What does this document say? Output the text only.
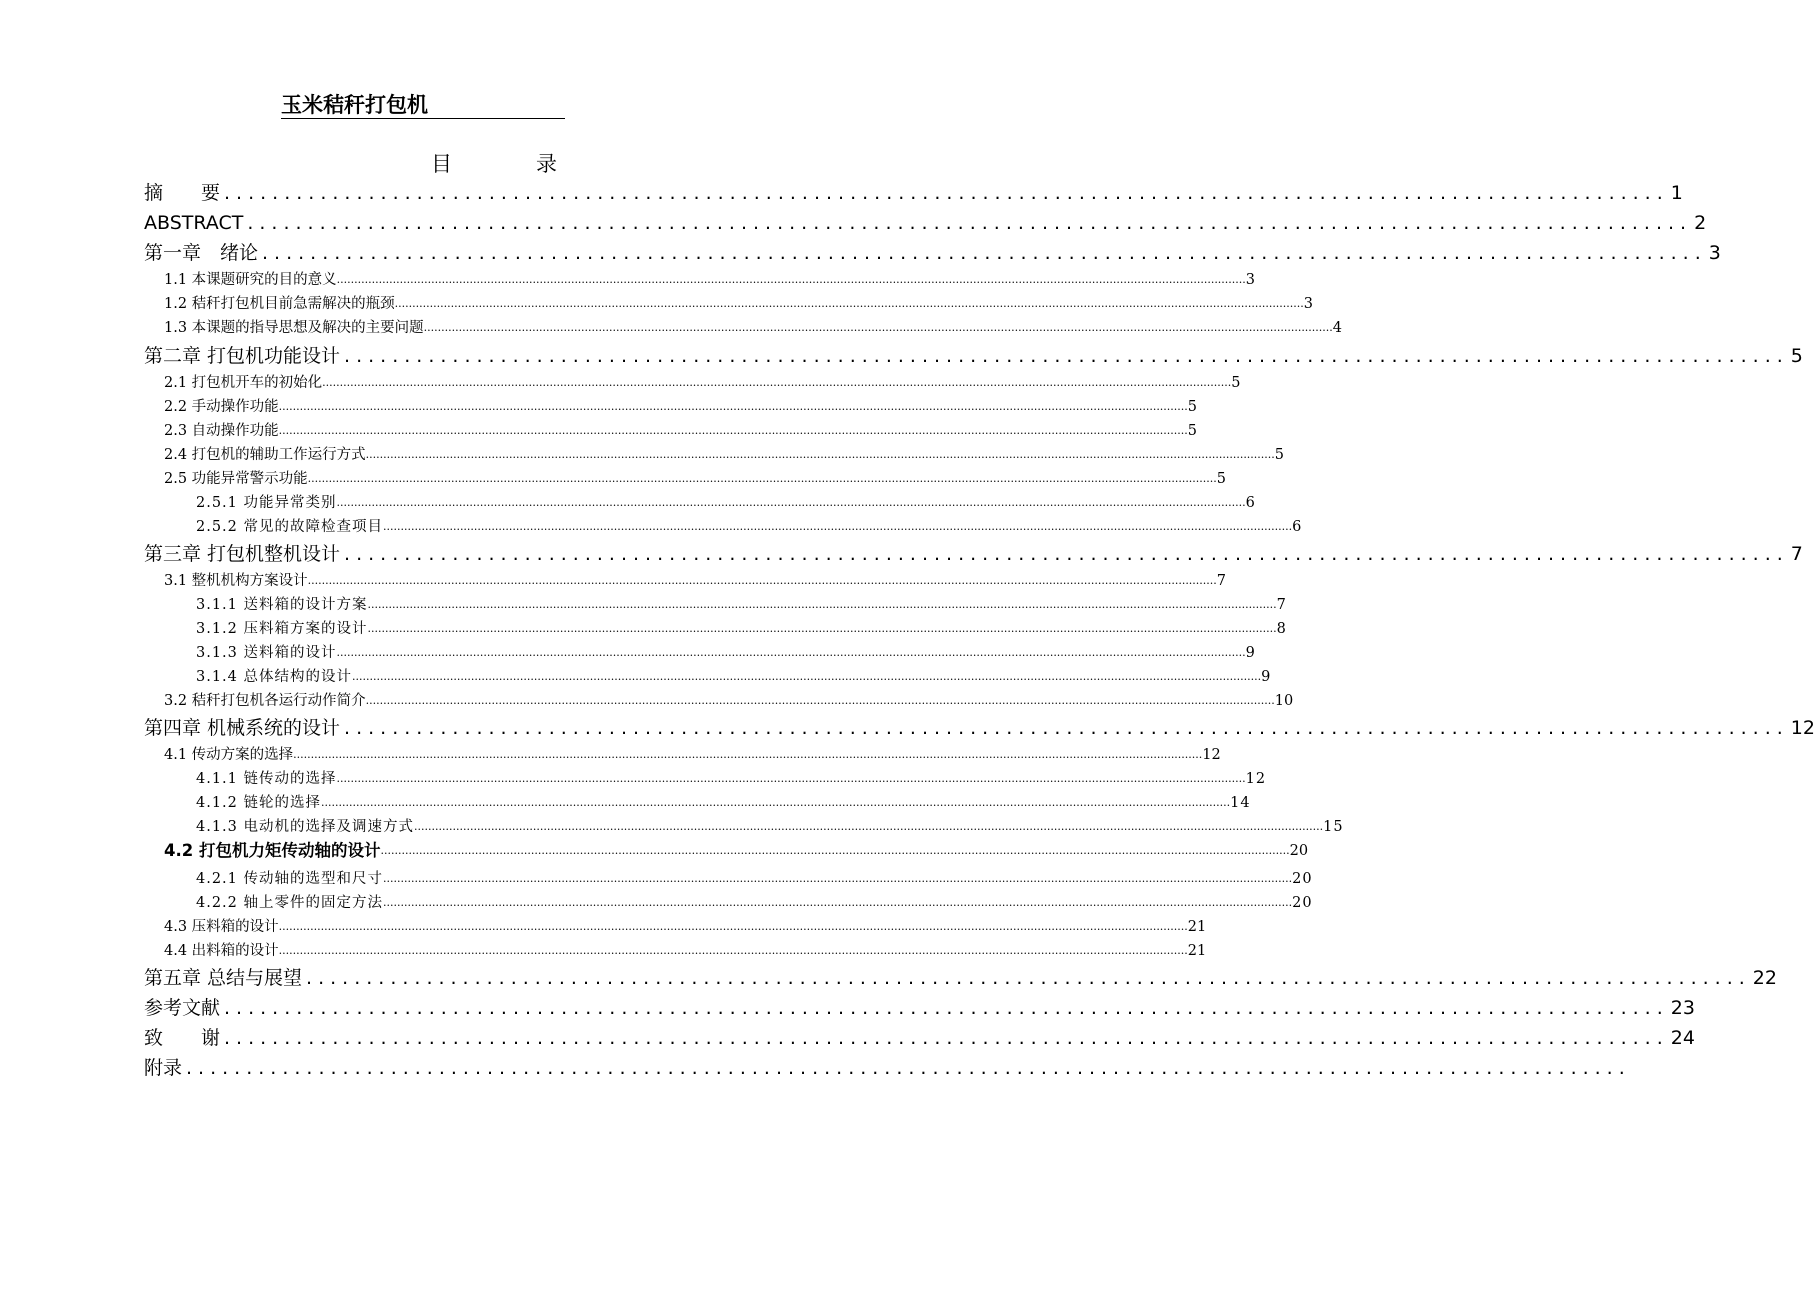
玉米秸秆打包机
目	录
摘　　要 ........................................................................................................................ 1
ABSTRACT ........................................................................................................................ 2
第一章　绪论 ........................................................................................................................ 3
1.1 本课题研究的目的意义 .................................................................................................................................................................................................................................................................... 3
1.2 秸秆打包机目前急需解决的瓶颈 .................................................................................................................................................................................................................................................................... 3
1.3 本课题的指导思想及解决的主要问题 .................................................................................................................................................................................................................................................................... 4
第二章 打包机功能设计 ........................................................................................................................ 5
2.1 打包机开车的初始化 .................................................................................................................................................................................................................................................................... 5
2.2 手动操作功能 .................................................................................................................................................................................................................................................................... 5
2.3 自动操作功能 .................................................................................................................................................................................................................................................................... 5
2.4 打包机的辅助工作运行方式 .................................................................................................................................................................................................................................................................... 5
2.5 功能异常警示功能 .................................................................................................................................................................................................................................................................... 5
2.5.1 功能异常类别 .................................................................................................................................................................................................................................................................... 6
2.5.2 常见的故障检查项目 .................................................................................................................................................................................................................................................................... 6
第三章 打包机整机设计 ........................................................................................................................ 7
3.1 整机机构方案设计 .................................................................................................................................................................................................................................................................... 7
3.1.1 送料箱的设计方案 .................................................................................................................................................................................................................................................................... 7
3.1.2 压料箱方案的设计 .................................................................................................................................................................................................................................................................... 8
3.1.3 送料箱的设计 .................................................................................................................................................................................................................................................................... 9
3.1.4 总体结构的设计 .................................................................................................................................................................................................................................................................... 9
3.2 秸秆打包机各运行动作简介 .................................................................................................................................................................................................................................................................... 10
第四章 机械系统的设计 ........................................................................................................................ 12
4.1 传动方案的选择 .................................................................................................................................................................................................................................................................... 12
4.1.1 链传动的选择 .................................................................................................................................................................................................................................................................... 12
4.1.2 链轮的选择 .................................................................................................................................................................................................................................................................... 14
4.1.3 电动机的选择及调速方式 .................................................................................................................................................................................................................................................................... 15
4.2 打包机力矩传动轴的设计 .................................................................................................................................................................................................................................................................... 20
4.2.1 传动轴的选型和尺寸 .................................................................................................................................................................................................................................................................... 20
4.2.2 轴上零件的固定方法 .................................................................................................................................................................................................................................................................... 20
4.3 压料箱的设计 .................................................................................................................................................................................................................................................................... 21
4.4 出料箱的设计 .................................................................................................................................................................................................................................................................... 21
第五章 总结与展望 ........................................................................................................................ 22
参考文献 ........................................................................................................................ 23
致　　谢 ........................................................................................................................ 24
附录 ........................................................................................................................
